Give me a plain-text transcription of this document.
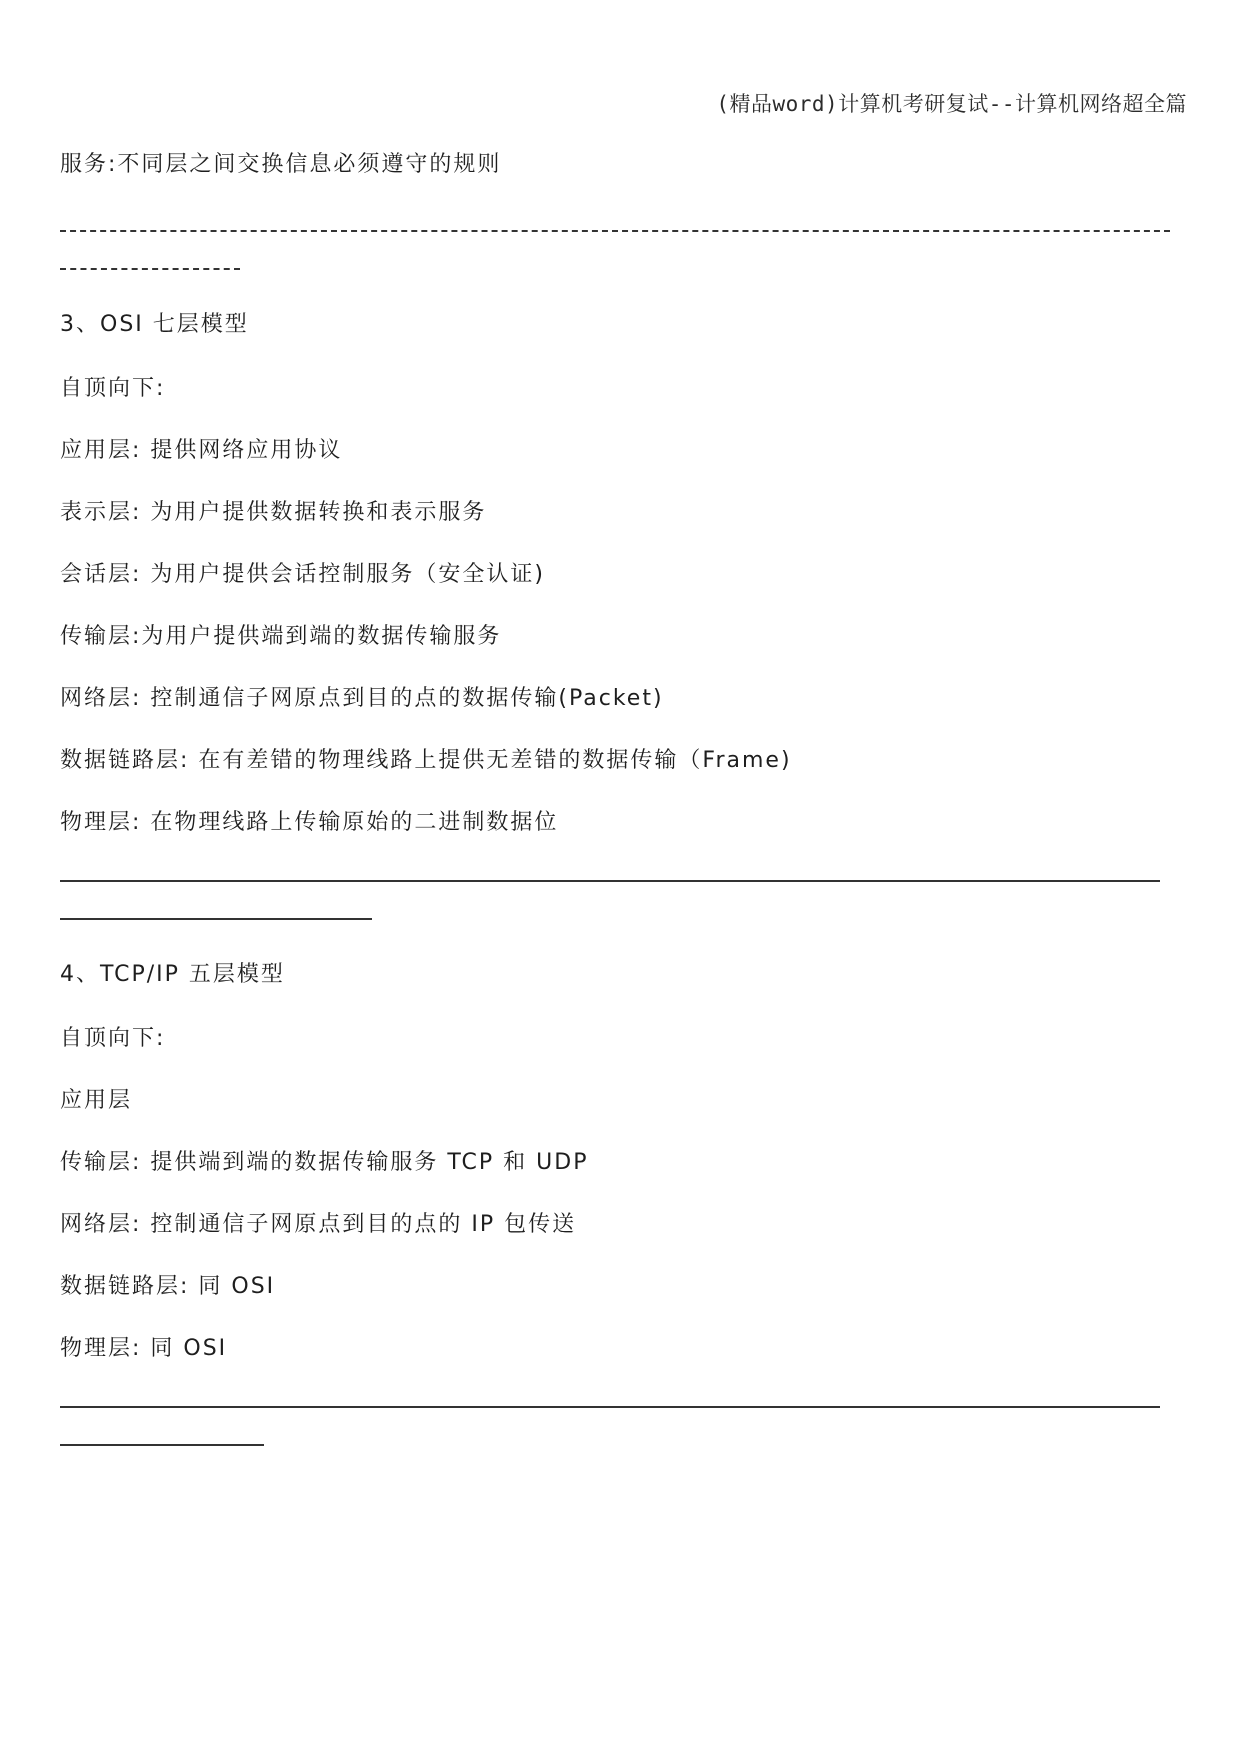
(精品word)计算机考研复试--计算机网络超全篇
服务:不同层之间交换信息必须遵守的规则
3、OSI 七层模型
自顶向下:
应用层: 提供网络应用协议
表示层: 为用户提供数据转换和表示服务
会话层: 为用户提供会话控制服务（安全认证)
传输层:为用户提供端到端的数据传输服务
网络层: 控制通信子网原点到目的点的数据传输(Packet)
数据链路层: 在有差错的物理线路上提供无差错的数据传输（Frame)
物理层: 在物理线路上传输原始的二进制数据位
4、TCP/IP 五层模型
自顶向下:
应用层
传输层: 提供端到端的数据传输服务 TCP 和 UDP
网络层: 控制通信子网原点到目的点的 IP 包传送
数据链路层: 同 OSI
物理层: 同 OSI
